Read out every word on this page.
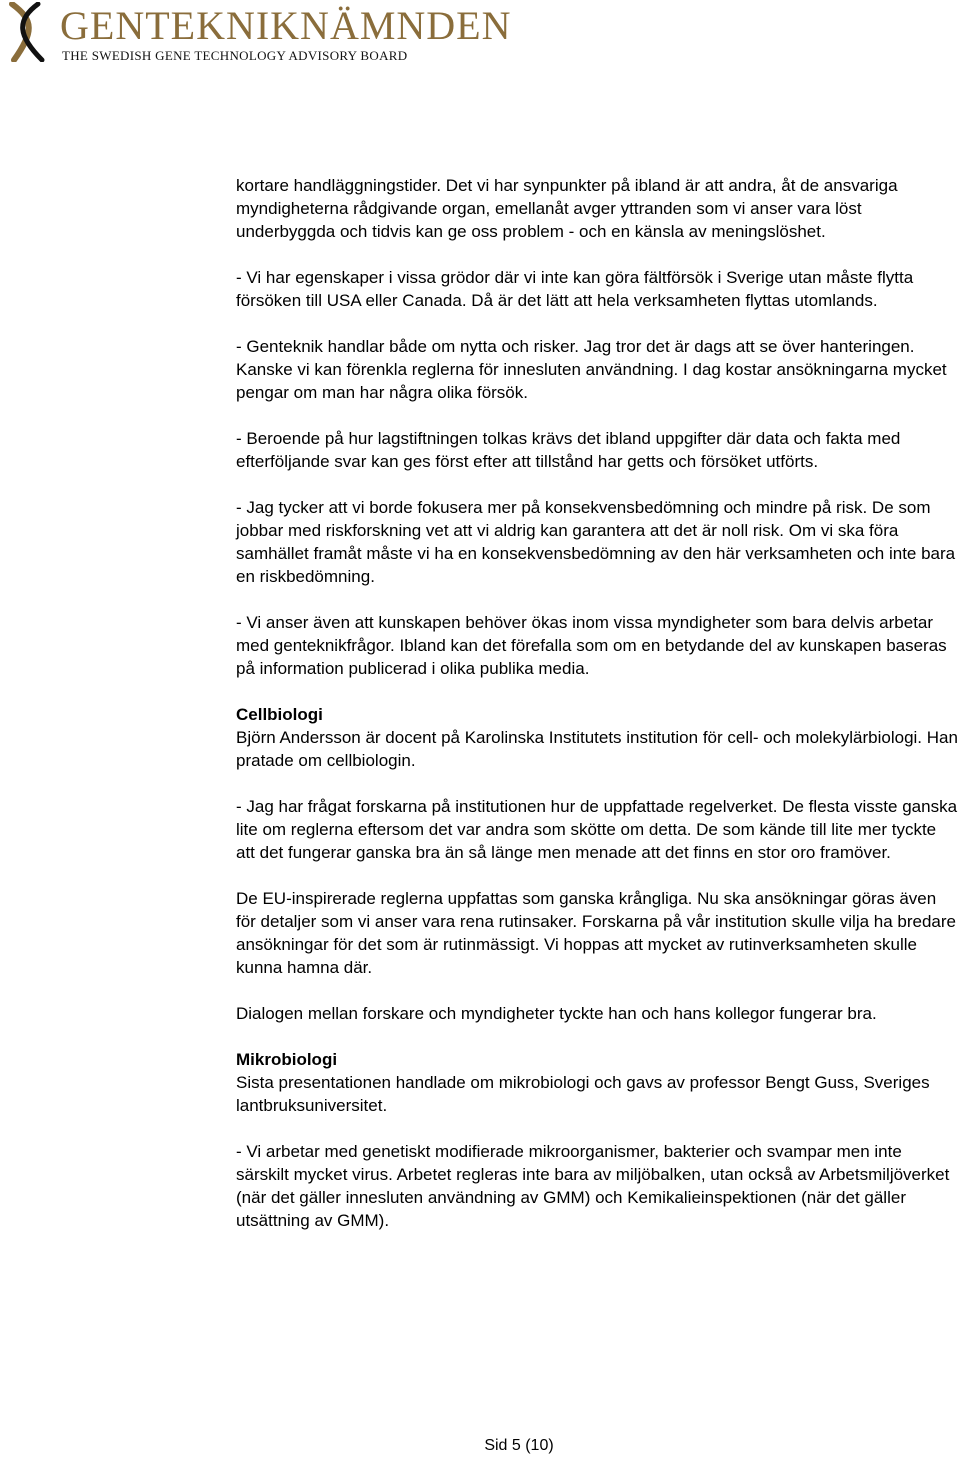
GENTEKNIKNÄMNDEN
THE SWEDISH GENE TECHNOLOGY ADVISORY BOARD

kortare handläggningstider. Det vi har synpunkter på ibland är att andra, åt de ansvariga myndigheterna rådgivande organ, emellanåt avger yttranden som vi anser vara löst underbyggda och tidvis kan ge oss problem - och en känsla av meningslöshet.

- Vi har egenskaper i vissa grödor där vi inte kan göra fältförsök i Sverige utan måste flytta försöken till USA eller Canada. Då är det lätt att hela verksamheten flyttas utomlands.

- Genteknik handlar både om nytta och risker. Jag tror det är dags att se över hanteringen. Kanske vi kan förenkla reglerna för innesluten användning. I dag kostar ansökningarna mycket pengar om man har några olika försök.

- Beroende på hur lagstiftningen tolkas krävs det ibland uppgifter där data och fakta med efterföljande svar kan ges först efter att tillstånd har getts och försöket utförts.

- Jag tycker att vi borde fokusera mer på konsekvensbedömning och mindre på risk. De som jobbar med riskforskning vet att vi aldrig kan garantera att det är noll risk. Om vi ska föra samhället framåt måste vi ha en konsekvensbedömning av den här verksamheten och inte bara en riskbedömning.

- Vi anser även att kunskapen behöver ökas inom vissa myndigheter som bara delvis arbetar med genteknikfrågor. Ibland kan det förefalla som om en betydande del av kunskapen baseras på information publicerad i olika publika media.

Cellbiologi
Björn Andersson är docent på Karolinska Institutets institution för cell- och molekylärbiologi. Han pratade om cellbiologin.

- Jag har frågat forskarna på institutionen hur de uppfattade regelverket. De flesta visste ganska lite om reglerna eftersom det var andra som skötte om detta. De som kände till lite mer tyckte att det fungerar ganska bra än så länge men menade att det finns en stor oro framöver.

De EU-inspirerade reglerna uppfattas som ganska krångliga. Nu ska ansökningar göras även för detaljer som vi anser vara rena rutinsaker. Forskarna på vår institution skulle vilja ha bredare ansökningar för det som är rutinmässigt. Vi hoppas att mycket av rutinverksamheten skulle kunna hamna där.

Dialogen mellan forskare och myndigheter tyckte han och hans kollegor fungerar bra.

Mikrobiologi
Sista presentationen handlade om mikrobiologi och gavs av professor Bengt Guss, Sveriges lantbruksuniversitet.

- Vi arbetar med genetiskt modifierade mikroorganismer, bakterier och svampar men inte särskilt mycket virus. Arbetet regleras inte bara av miljöbalken, utan också av Arbetsmiljöverket (när det gäller innesluten användning av GMM) och Kemikalieinspektionen (när det gäller utsättning av GMM).

Sid 5 (10)
